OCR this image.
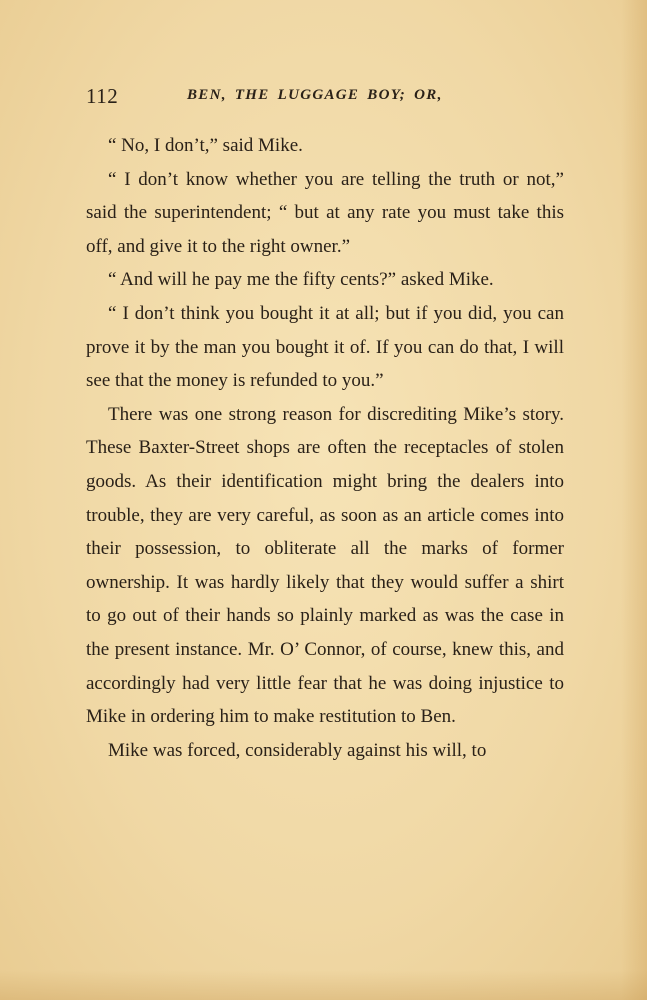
112	BEN, THE LUGGAGE BOY; OR,

“ No, I don’t,” said Mike.

“ I don’t know whether you are telling the truth or not,” said the superintendent; “ but at any rate you must take this off, and give it to the right owner.”

“ And will he pay me the fifty cents?” asked Mike.

“ I don’t think you bought it at all; but if you did, you can prove it by the man you bought it of. If you can do that, I will see that the money is refunded to you.”

There was one strong reason for discrediting Mike’s story. These Baxter-Street shops are often the receptacles of stolen goods. As their identification might bring the dealers into trouble, they are very careful, as soon as an article comes into their possession, to obliterate all the marks of former ownership. It was hardly likely that they would suffer a shirt to go out of their hands so plainly marked as was the case in the present instance. Mr. O’ Connor, of course, knew this, and accordingly had very little fear that he was doing injustice to Mike in ordering him to make restitution to Ben.

Mike was forced, considerably against his will, to
